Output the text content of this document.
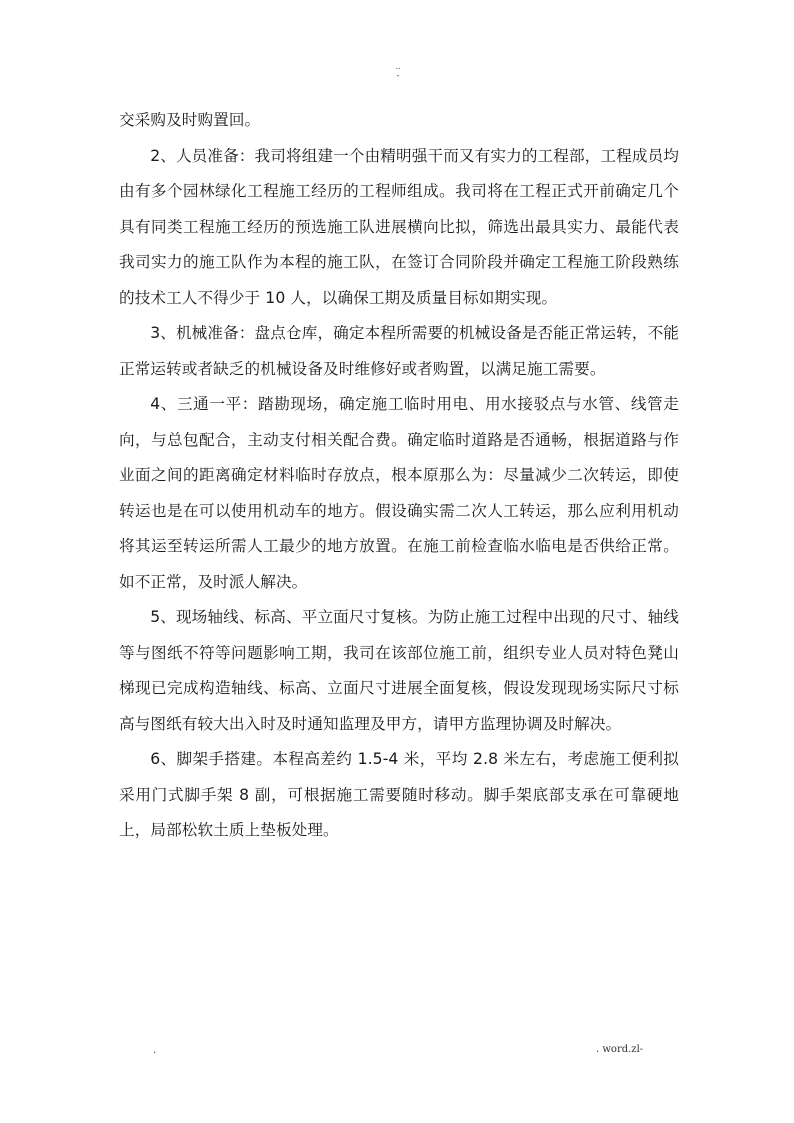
..
-

交采购及时购置回。

2、人员准备：我司将组建一个由精明强干而又有实力的工程部，工程成员均由有多个园林绿化工程施工经历的工程师组成。我司将在工程正式开前确定几个具有同类工程施工经历的预选施工队进展横向比拟，筛选出最具实力、最能代表我司实力的施工队作为本程的施工队，在签订合同阶段并确定工程施工阶段熟练的技术工人不得少于 10 人，以确保工期及质量目标如期实现。

3、机械准备：盘点仓库，确定本程所需要的机械设备是否能正常运转，不能正常运转或者缺乏的机械设备及时维修好或者购置，以满足施工需要。

4、三通一平：踏勘现场，确定施工临时用电、用水接驳点与水管、线管走向，与总包配合，主动支付相关配合费。确定临时道路是否通畅，根据道路与作业面之间的距离确定材料临时存放点，根本原那么为：尽量减少二次转运，即使转运也是在可以使用机动车的地方。假设确实需二次人工转运，那么应利用机动将其运至转运所需人工最少的地方放置。在施工前检查临水临电是否供给正常。如不正常，及时派人解决。

5、现场轴线、标高、平立面尺寸复核。为防止施工过程中出现的尺寸、轴线等与图纸不符等问题影响工期，我司在该部位施工前，组织专业人员对特色凳山梯现已完成构造轴线、标高、立面尺寸进展全面复核，假设发现现场实际尺寸标高与图纸有较大出入时及时通知监理及甲方，请甲方监理协调及时解决。

6、脚架手搭建。本程高差约 1.5-4 米，平均 2.8 米左右，考虑施工便利拟采用门式脚手架 8 副，可根据施工需要随时移动。脚手架底部支承在可靠硬地上，局部松软土质上垫板处理。

.	. word.zl-
